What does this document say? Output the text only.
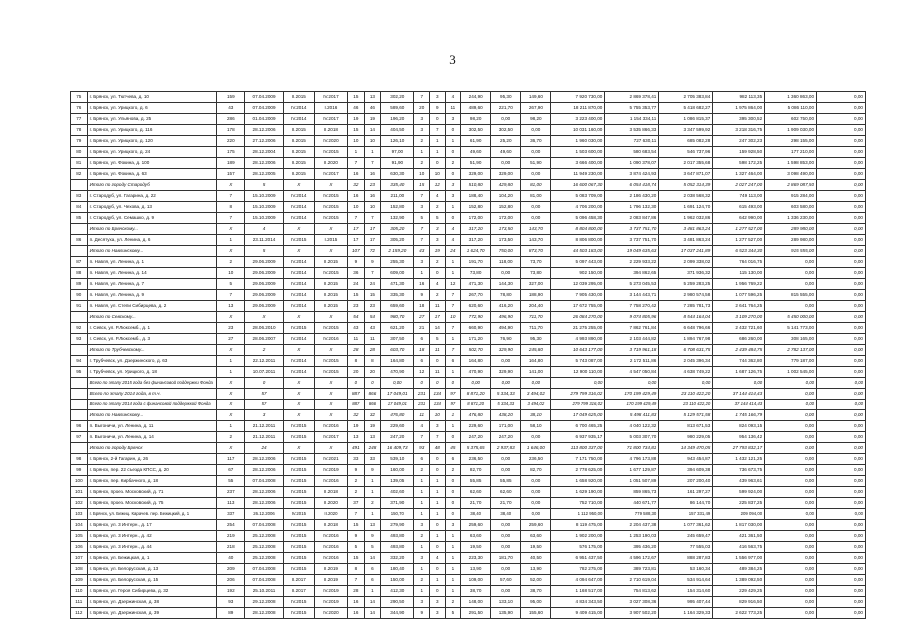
3
75	г. Брянск, ул. Тютчева, д. 10	159	07.04.2009	II.2015	IV.2017	15	13	302,20	7	3	4	244,90	95,30	149,60	7 920 730,00	2 869 378,41	2 705 383,84	982 113,35	1 360 863,00	0,00
76	г. Брянск, ул. Урицкого, д. 6	43	07.04.2009	IV.2014	I.2016	46	46	589,60	20	9	11	489,60	221,70	267,90	18 211 870,00	5 755 353,77	5 418 682,27	1 975 864,00	5 086 110,00	0,00
77	г. Брянск, ул. Ульянова, д. 25	286	01.04.2009	IV.2014	IV.2017	19	19	196,20	3	0	3	98,20	0,00	98,20	3 223 400,00	1 154 334,11	1 086 815,37	395 300,52	602 750,00	0,00
78	г. Брянск, ул. Урицкого, д. 116	178	28.12.2006	II.2015	II.2018	15	14	404,50	3	7	0	302,50	302,50	0,00	10 031 160,00	3 535 866,33	3 347 599,92	3 218 316,75	1 909 030,00	0,00
79	г. Брянск, ул. Урицкого, д. 120	220	27.12.2006	II.2015	IV.2020	10	10	126,10	2	1	1	61,90	25,20	36,70	1 960 030,00	727 630,11	685 082,28	247 302,23	298 155,00	0,00
80	г. Брянск, ул. Урицкого, д. 24	175	28.12.2004	II.2015	IV.2015	1	1	97,00	1	1	0	49,60	49,60	0,00	1 503 600,00	580 683,54	546 737,96	159 928,50	177 210,00	0,00
81	г. Брянск, ул. Фокина, д. 100	189	28.12.2006	II.2015	II.2020	7	7	91,90	2	0	2	51,90	0,00	51,90	3 666 400,00	1 090 378,07	2 017 355,68	598 172,25	1 598 853,00	0,00
82	г. Брянск, ул. Фокина, д. 63	157	28.12.2005	II.2015	IV.2017	16	16	630,30	10	10	0	329,00	329,00	0,00	11 949 230,00	3 874 424,93	3 647 871,07	1 327 464,00	3 098 490,00	0,00
	Итого по городу Стародуб	X	5	X	X	32	23	335,40	15	12	3	510,80	429,80	81,00	16 600 067,30	6 054 418,74	5 052 314,39	2 027 247,00	2 869 087,50	0,00
83	г. Стародуб, ул. Гагарина, д. 22	7	15.10.2009	IV.2014	IV.2015	16	16	211,00	7	4	3	188,40	104,20	81,00	5 083 709,00	2 186 430,20	2 038 568,32	749 113,00	915 284,00	0,00
84	г. Стародуб, ул. Чехова, д. 13	8	15.10.2009	IV.2014	IV.2015	10	10	152,80	3	2	1	152,80	152,80	0,00	4 706 200,00	1 796 132,30	1 691 124,70	615 493,00	603 580,00	0,00
85	г. Стародуб, ул. Семашко, д. 9	7	15.10.2009	IV.2014	IV.2015	7	7	132,90	5	5	0	172,00	172,00	0,00	5 096 458,30	2 083 847,86	1 962 032,86	642 990,00	1 336 230,00	0,00
	Итого по Брянскому...	X	4	X	X	17	17	305,20	7	3	4	317,20	173,50	143,70	8 804 800,00	3 737 751,70	3 481 863,24	1 277 527,00	289 980,00	0,00
86	п. Десятуха, ул. Ленина, д. 6	1	23.11.2014	IV.2015	I.2015	17	17	305,20	7	3	4	317,20	173,50	143,70	8 806 800,00	3 737 751,70	3 481 863,24	1 277 527,00	289 980,00	0,00
	Итого по Навлинскому...	X	5	X	X	107	72	2 159,20	43	19	24	1 624,70	750,00	873,70	44 503 183,00	19 049 635,63	17 037 241,89	6 523 344,30	915 555,00	0,00
87	п. Навля, ул. Ленина, д. 1	2	29.06.2009	IV.2014	II.2015	9	9	255,30	3	2	1	191,70	118,00	73,70	5 097 443,00	2 229 933,22	2 099 338,02	764 016,75	0,00	0,00
88	п. Навля, ул. Ленина, д. 14	10	29.06.2009	IV.2014	IV.2015	36	7	609,00	1	0	1	73,80	0,00	73,80	902 150,00	394 862,65	371 936,32	115 130,00	0,00	0,00
89	п. Навля, ул. Ленина, д. 7	5	29.06.2009	IV.2014	II.2015	24	24	471,30	16	4	12	471,30	144,30	327,00	12 039 295,00	5 273 045,53	5 259 283,25	1 956 769,22	0,00	0,00
90	п. Навля, ул. Ленина, д. 9	7	29.06.2009	IV.2014	II.2015	15	15	335,30	9	2	7	267,70	78,80	188,90	7 905 430,00	3 144 443,71	2 980 574,58	1 077 596,25	815 555,00	0,00
91	п. Навля, ул. Степи Сибирцева, д. 2	13	29.06.2009	IV.2014	II.2015	23	23	659,60	18	11	7	620,60	416,20	204,40	17 672 755,00	7 758 270,42	7 285 781,73	2 641 764,25	0,00	0,00
	Итого по Севскому...	X	X	X	X	54	54	980,70	27	17	10	772,90	496,90	711,70	26 084 270,00	9 074 805,96	8 544 164,04	3 109 270,00	5 450 000,00	0,00
92	г. Севск, ул. Р.Люксемб., д. 1	23	28.06.2010	IV.2015	IV.2015	43	43	621,20	21	14	7	660,90	494,90	711,70	21 275 255,00	7 862 761,84	6 648 796,66	2 432 721,60	5 141 773,00	0,00
93	г. Севск, ул. Р.Люксемб., д. 3	27	28.06.2007	IV.2014	IV.2016	11	11	307,50	6	5	1	171,20	76,90	95,30	4 993 890,00	2 103 444,82	1 894 767,98	686 260,00	308 165,00	0,00
	Итого по Трубчевскому...	X	2	X	X	28	28	603,70	18	11	7	502,70	329,90	245,80	10 643 177,00	3 719 961,18	6 708 631,75	2 439 484,75	2 782 137,00	0,00
94	г. Трубчевск, ул. Дзержинского, д. 63	1	22.12.2011	IV.2014	IV.2015	8	8	164,80	6	0	6	164,80	0,00	164,80	5 743 087,00	2 172 511,86	2 045 396,34	744 362,80	779 187,00	0,00
95	г. Трубчевск, ул. Урицкого, д. 18	1	10.07.2011	IV.2014	IV.2015	20	20	470,90	12	11	1	470,90	329,90	141,00	12 900 110,00	4 547 050,84	4 638 749,22	1 687 126,75	1 002 545,00	0,00
	Всего по этапу 2015 года без финансовой поддержки Фонда	X	0	X	X	0	0	0,00	0	0	0	0,00	0,00	0,00	0,00	0,00	0,00	0,00	0,00	0,00
	Всего по этапу 2014 года, в т.ч.	X	57	X	X	887	866	17 049,01	231	134	97	8 871,20	5 334,33	3 494,02	279 799 316,02	170 199 429,49	23 110 422,20	37 144 414,43	0,00	0,00
	Всего по этапу 2014 года с финансовой поддержкой Фонда	X	57	X	X	887	866	17 049,01	231	134	97	8 871,20	5 334,33	3 494,02	279 799 316,02	170 199 429,49	23 110 422,20	37 144 414,43	0,00	0,00
	Итого по Навлинскому...	X	3	X	X	32	32	476,80	11	10	1	476,80	438,20	38,10	17 049 625,00	5 498 411,83	5 129 571,58	1 745 166,79	0,00	0,00
96	п. Выгоничи, ул. Ленина, д. 11	1	21.12.2011	IV.2015	IV.2016	19	19	229,60	4	3	1	229,60	171,00	58,10	6 700 465,25	4 040 122,32	813 671,53	824 093,15	0,00	0,00
97	п. Выгоничи, ул. Ленина, д. 14	2	21.12.2011	IV.2015	IV.2017	13	13	247,20	7	7	0	247,20	247,20	0,00	6 937 935,17	5 003 307,70	980 229,05	954 136,42	0,00	0,00
	Итого по городу Брянск	X	24	X	X	491	248	16 409,73	93	48	45	5 375,65	2 937,83	1 646,00	113 800 337,00	71 800 734,81	14 349 470,05	27 793 832,17	0,00	0,00
98	г. Брянск, 2-й Гагарин, д. 26	117	28.12.2006	IV.2015	IV.2021	33	33	539,10	6	0	6	236,50	0,00	236,50	7 171 750,00	4 796 173,88	943 454,87	1 432 121,25	0,00	0,00
99	г. Брянск, пер. 22 съезда КПСС, д. 20	67	28.12.2006	IV.2015	IV.2019	9	9	160,00	2	0	2	82,70	0,00	82,70	2 778 625,00	1 677 129,87	394 609,38	736 673,75	0,00	0,00
100	г. Брянск, пер. Кирбачного, д. 18	55	07.04.2008	IV.2015	IV.2016	2	1	139,05	1	1	0	55,85	55,85	0,00	1 658 920,00	1 051 507,89	207 200,40	439 963,61	0,00	0,00
101	г. Брянск, проез. Московский, д. 71	237	28.12.2006	IV.2015	II.2018	2	1	402,60	1	1	0	62,60	62,60	0,00	1 629 190,00	859 865,73	161 297,27	599 924,00	0,00	0,00
102	г. Брянск, проез. Московский, д. 75	113	28.12.2006	IV.2015	II.2020	37	2	371,90	1	1	0	21,70	21,70	0,00	752 710,00	440 671,77	86 144,70	225 837,25	0,00	0,00
103	г. Брянск, ул. Бежиц. Карачев. пер. Бежицкий, д. 1	337	26.12.2006	IV.2015	II.2020	7	1	150,70	1	1	0	38,40	38,40	0,00	1 112 950,00	779 588,30	157 331,49	209 094,00	0,00	0,00
104	г. Брянск, ул. 3 Интерн., д. 17	254	07.04.2008	IV.2015	II.2018	15	13	279,90	3	0	3	259,60	0,00	259,60	8 119 475,00	2 204 437,38	1 077 361,62	1 817 030,00	0,00	0,00
105	г. Брянск, ул. 3 Интерн., д. 42	219	25.12.2008	IV.2015	IV.2016	9	9	493,80	2	1	1	63,60	0,00	63,60	1 902 200,00	1 253 190,03	245 659,47	421 361,50	0,00	0,00
106	г. Брянск, ул. 3 Интерн., д. 44	218	25.12.2008	IV.2015	IV.2016	5	5	493,80	1	0	1	19,50	0,00	19,50	576 175,00	395 436,20	77 555,03	416 563,75	0,00	0,00
107	г. Брянск, ул. Бежицкая, д. 1	40	25.12.2008	IV.2015	IV.2016	15	14	332,20	3	4	1	223,30	181,70	40,50	6 951 437,50	4 596 172,67	888 287,83	1 556 977,00	0,00	0,00
108	г. Брянск, ул. Белорусская, д. 13	209	07.04.2008	IV.2015	II.2019	8	6	180,40	1	0	1	13,90	0,00	13,90	782 275,00	389 723,81	53 160,34	489 384,25	0,00	0,00
109	г. Брянск, ул. Белорусская, д. 15	206	07.04.2008	II.2017	II.2019	7	6	150,00	2	1	1	109,00	57,60	52,00	4 094 647,00	2 710 619,04	534 914,64	1 389 092,50	0,00	0,00
110	г. Брянск, ул. Героя Сибирцева, д. 32	192	25.10.2011	II.2017	IV.2019	28	1	412,30	1	0	1	38,70	0,00	38,70	1 168 517,00	754 813,62	154 314,60	229 429,25	0,00	0,00
111	г. Брянск, ул. Дзержинская, д. 38	93	29.12.2008	IV.2015	IV.2019	16	14	290,50	3	3	2	148,00	133,10	95,00	4 834 343,50	3 027 308,36	995 407,44	829 916,50	0,00	0,00
112	г. Брянск, ул. Дзержинская, д. 39	89	28.12.2008	IV.2015	IV.2020	16	14	344,90	9	3	5	291,50	135,90	155,60	9 409 415,00	3 907 502,20	1 164 329,33	2 622 773,25	0,00	0,00
